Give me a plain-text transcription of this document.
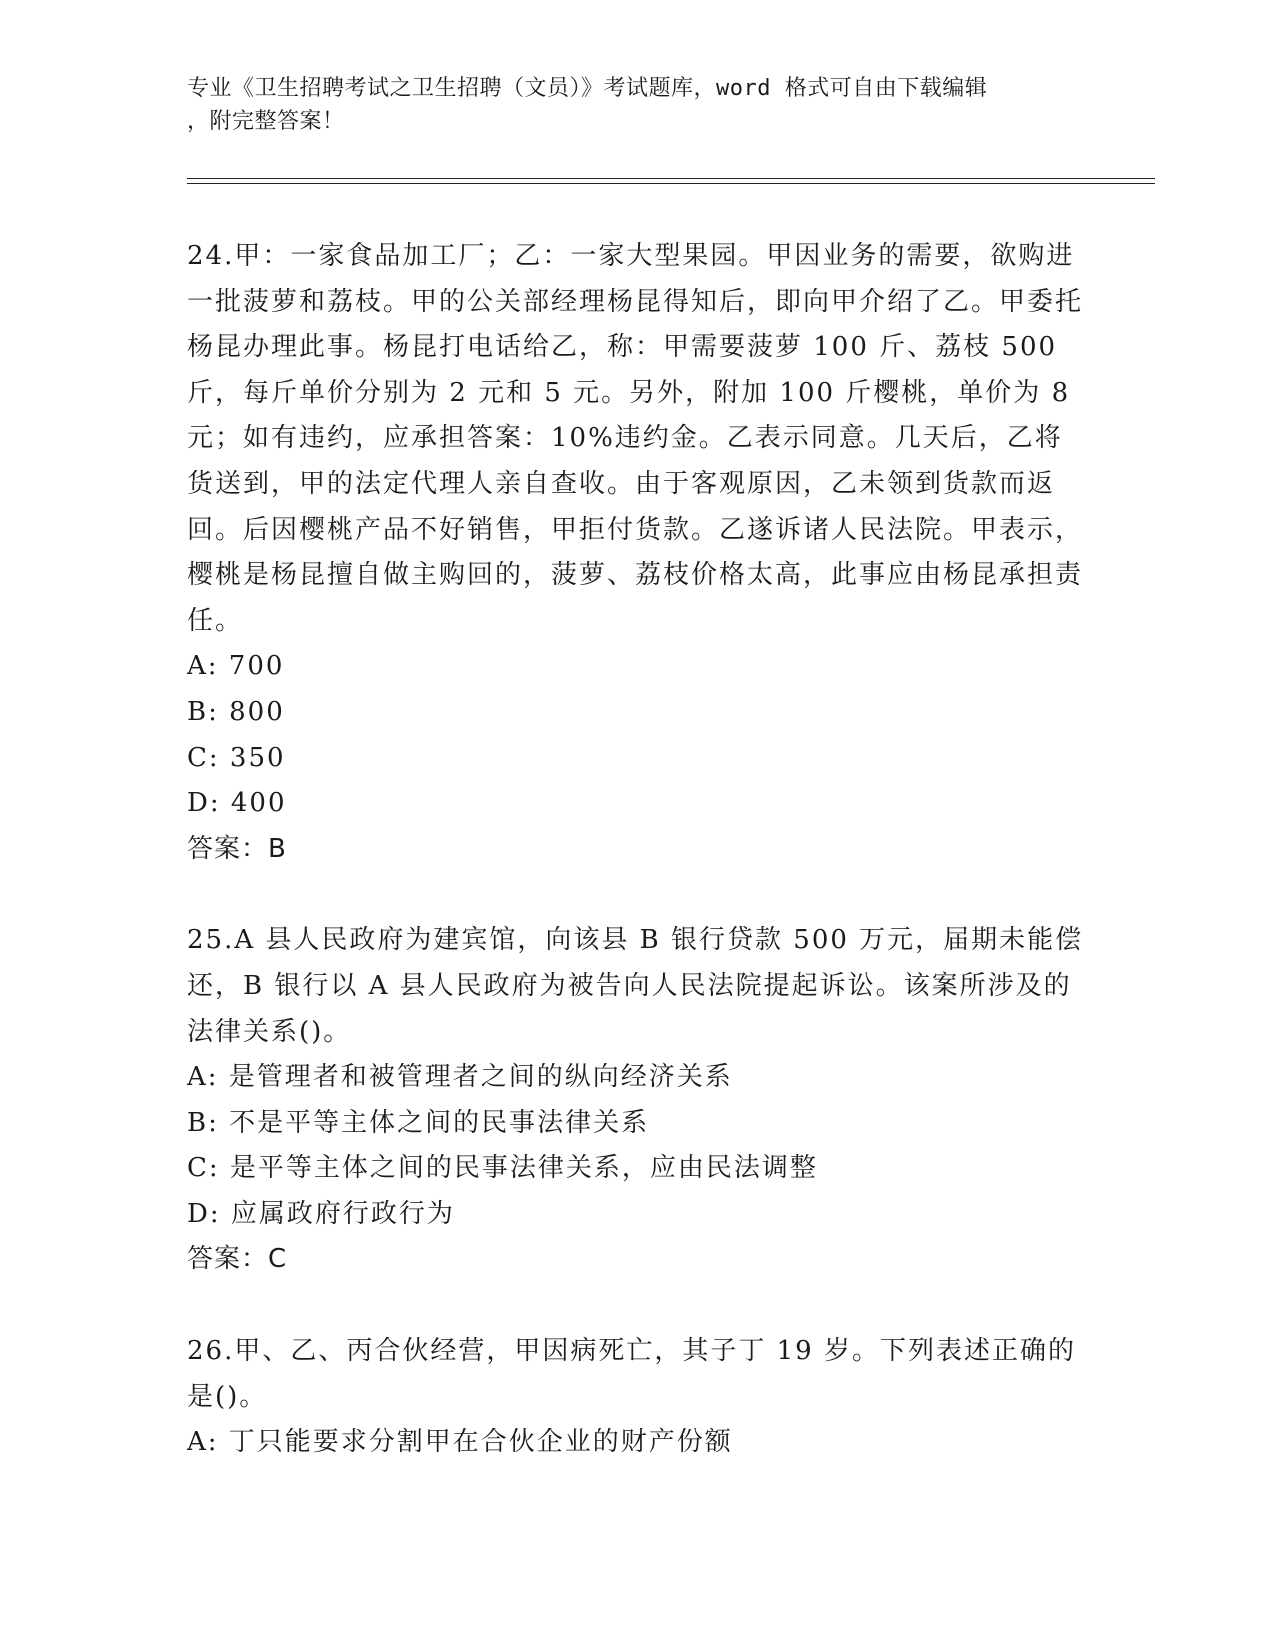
专业《卫生招聘考试之卫生招聘（文员）》考试题库，word 格式可自由下载编辑
，附完整答案！
24.甲：一家食品加工厂；乙：一家大型果园。甲因业务的需要，欲购进一批菠萝和荔枝。甲的公关部经理杨昆得知后，即向甲介绍了乙。甲委托杨昆办理此事。杨昆打电话给乙，称：甲需要菠萝 100 斤、荔枝 500 斤，每斤单价分别为 2 元和 5 元。另外，附加 100 斤樱桃，单价为 8 元；如有违约，应承担答案：10%违约金。乙表示同意。几天后，乙将货送到，甲的法定代理人亲自查收。由于客观原因，乙未领到货款而返回。后因樱桃产品不好销售，甲拒付货款。乙遂诉诸人民法院。甲表示，樱桃是杨昆擅自做主购回的，菠萝、荔枝价格太高，此事应由杨昆承担责任。
A: 700
B: 800
C: 350
D: 400
答案：B
25.A 县人民政府为建宾馆，向该县 B 银行贷款 500 万元，届期未能偿还，B 银行以 A 县人民政府为被告向人民法院提起诉讼。该案所涉及的法律关系()。
A: 是管理者和被管理者之间的纵向经济关系
B: 不是平等主体之间的民事法律关系
C: 是平等主体之间的民事法律关系，应由民法调整
D: 应属政府行政行为
答案：C
26.甲、乙、丙合伙经营，甲因病死亡，其子丁 19 岁。下列表述正确的是()。
A: 丁只能要求分割甲在合伙企业的财产份额
